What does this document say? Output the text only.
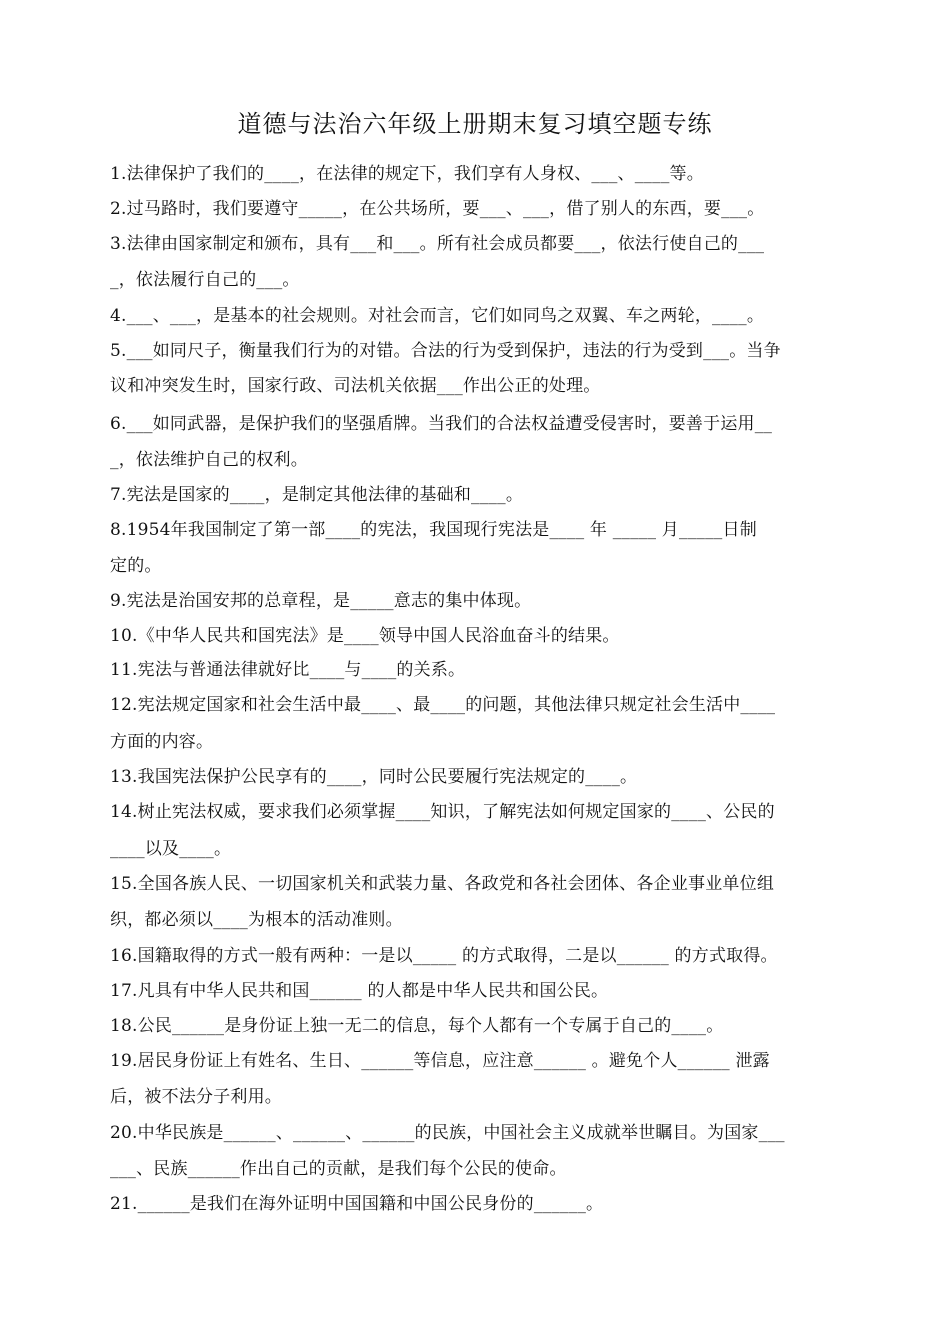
道德与法治六年级上册期末复习填空题专练
1.法律保护了我们的____，在法律的规定下，我们享有人身权、___、____等。
2.过马路时，我们要遵守_____，在公共场所，要___、___，借了别人的东西，要___。
3.法律由国家制定和颁布，具有___和___。所有社会成员都要___，依法行使自己的___
_，依法履行自己的___。
4.___、___，是基本的社会规则。对社会而言，它们如同鸟之双翼、车之两轮，____。
5.___如同尺子，衡量我们行为的对错。合法的行为受到保护，违法的行为受到___。当争
议和冲突发生时，国家行政、司法机关依据___作出公正的处理。
6.___如同武器，是保护我们的坚强盾牌。当我们的合法权益遭受侵害时，要善于运用__
_，依法维护自己的权利。
7.宪法是国家的____，是制定其他法律的基础和____。
8.1954年我国制定了第一部____的宪法，我国现行宪法是____ 年 _____ 月_____日制
定的。
9.宪法是治国安邦的总章程，是_____意志的集中体现。
10.《中华人民共和国宪法》是____领导中国人民浴血奋斗的结果。
11.宪法与普通法律就好比____与____的关系。
12.宪法规定国家和社会生活中最____、最____的问题，其他法律只规定社会生活中____
方面的内容。
13.我国宪法保护公民享有的____，同时公民要履行宪法规定的____。
14.树止宪法权威，要求我们必须掌握____知识，了解宪法如何规定国家的____、公民的
____以及____。
15.全国各族人民、一切国家机关和武装力量、各政党和各社会团体、各企业事业单位组
织，都必须以____为根本的活动准则。
16.国籍取得的方式一般有两种：一是以_____ 的方式取得，二是以______ 的方式取得。
17.凡具有中华人民共和国______ 的人都是中华人民共和国公民。
18.公民______是身份证上独一无二的信息，每个人都有一个专属于自己的____。
19.居民身份证上有姓名、生日、______等信息，应注意______ 。避免个人______ 泄露
后，被不法分子利用。
20.中华民族是______、______、______的民族，中国社会主义成就举世瞩目。为国家___
___、民族______作出自己的贡献，是我们每个公民的使命。
21.______是我们在海外证明中国国籍和中国公民身份的______。
